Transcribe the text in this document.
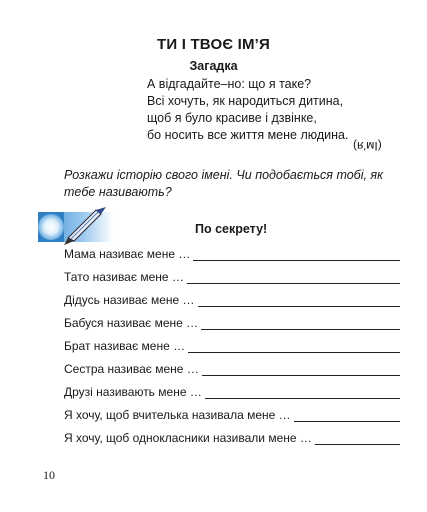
ТИ І ТВОЄ ІМ’Я
Загадка
А відгадайте–но: що я таке?
Всі хочуть, як народиться дитина,
щоб я було красиве і дзвінке,
бо носить все життя мене людина.
(Ім’я)
Розкажи історію свого імені. Чи подобається тобі, як тебе називають?
По секрету!
Мама називає мене …
Тато називає мене …
Дідусь називає мене …
Бабуся називає мене …
Брат називає мене …
Сестра називає мене …
Друзі називають мене …
Я хочу, щоб вчителька називала мене …
Я хочу, щоб однокласники називали мене …
10
